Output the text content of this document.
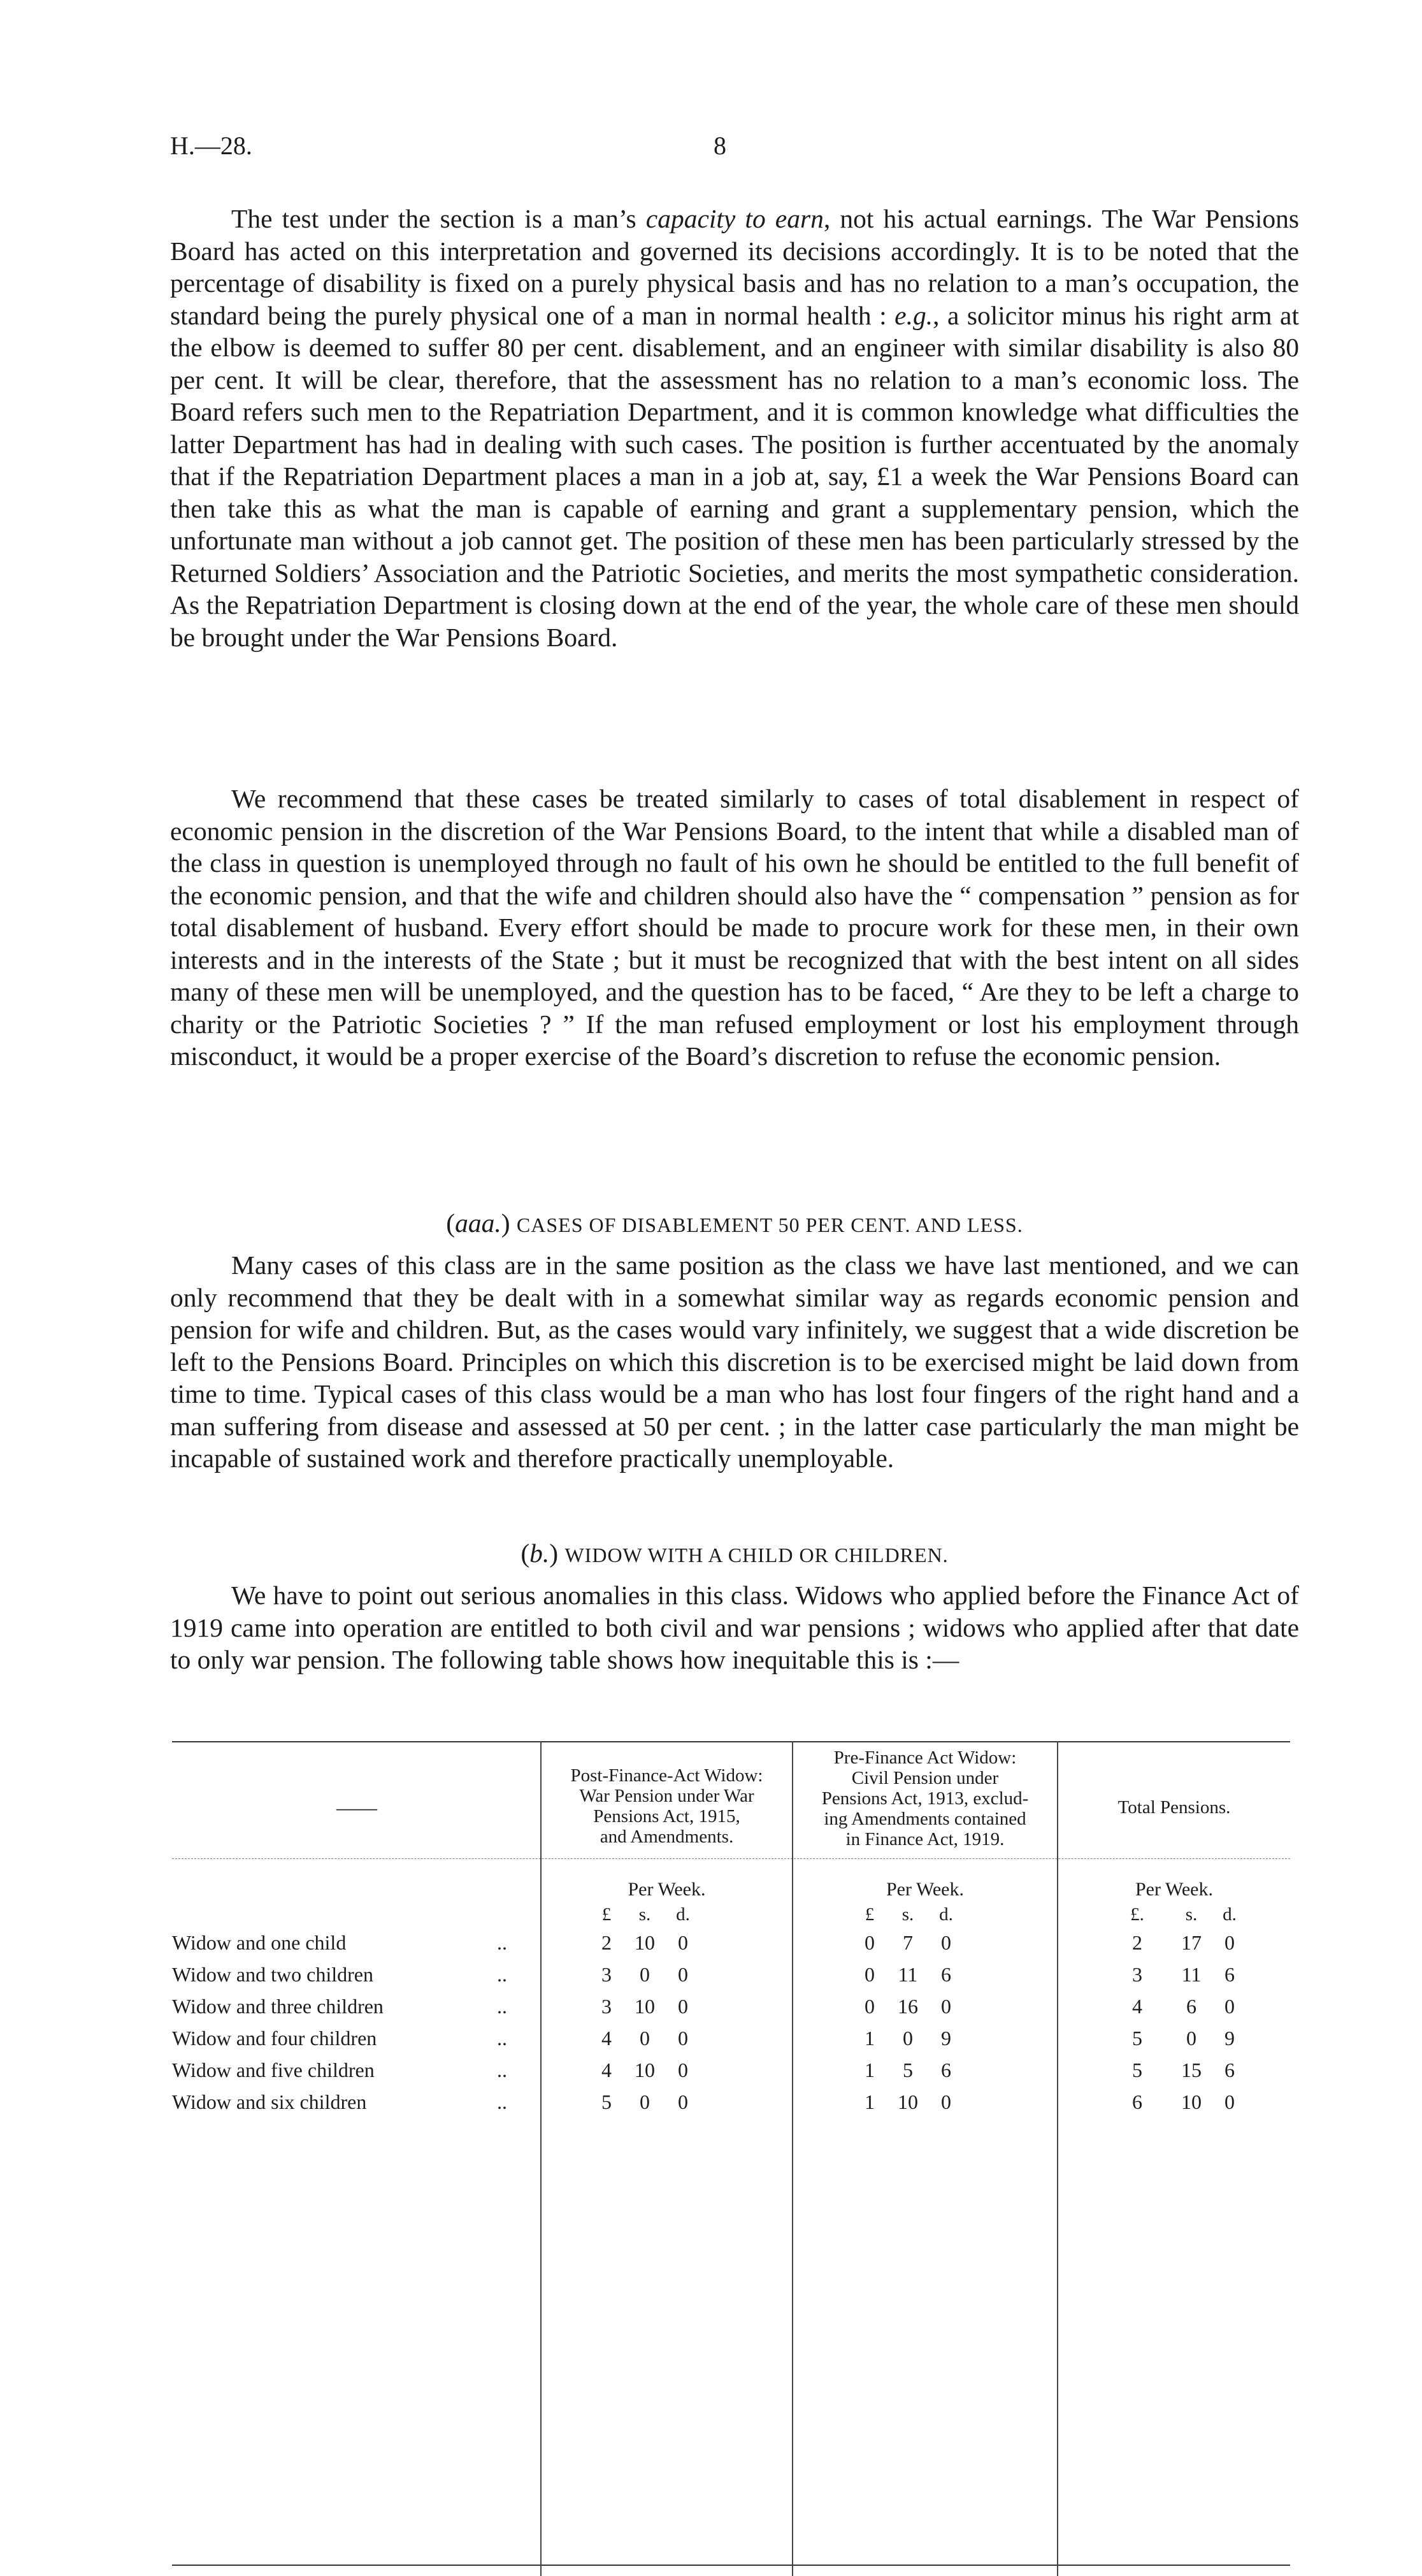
H.—28.	8

The test under the section is a man’s capacity to earn, not his actual earnings. The War Pensions Board has acted on this interpretation and governed its decisions accordingly. It is to be noted that the percentage of disability is fixed on a purely physical basis and has no relation to a man’s occupation, the standard being the purely physical one of a man in normal health : e.g., a solicitor minus his right arm at the elbow is deemed to suffer 80 per cent. disablement, and an engineer with similar disability is also 80 per cent. It will be clear, therefore, that the assessment has no relation to a man’s economic loss. The Board refers such men to the Repatriation Department, and it is common knowledge what difficulties the latter Department has had in dealing with such cases. The position is further accentuated by the anomaly that if the Repatriation Department places a man in a job at, say, £1 a week the War Pensions Board can then take this as what the man is capable of earning and grant a supplementary pension, which the unfortunate man without a job cannot get. The position of these men has been particularly stressed by the Returned Soldiers’ Association and the Patriotic Societies, and merits the most sympathetic consideration. As the Repatriation Department is closing down at the end of the year, the whole care of these men should be brought under the War Pensions Board.

We recommend that these cases be treated similarly to cases of total disablement in respect of economic pension in the discretion of the War Pensions Board, to the intent that while a disabled man of the class in question is unemployed through no fault of his own he should be entitled to the full benefit of the economic pension, and that the wife and children should also have the “ compensation ” pension as for total disablement of husband. Every effort should be made to procure work for these men, in their own interests and in the interests of the State ; but it must be recognized that with the best intent on all sides many of these men will be unemployed, and the question has to be faced, “ Are they to be left a charge to charity or the Patriotic Societies ? ” If the man refused employment or lost his employment through misconduct, it would be a proper exercise of the Board’s discretion to refuse the economic pension.

(aaa.) CASES OF DISABLEMENT 50 PER CENT. AND LESS.

Many cases of this class are in the same position as the class we have last mentioned, and we can only recommend that they be dealt with in a somewhat similar way as regards economic pension and pension for wife and children. But, as the cases would vary infinitely, we suggest that a wide discretion be left to the Pensions Board. Principles on which this discretion is to be exercised might be laid down from time to time. Typical cases of this class would be a man who has lost four fingers of the right hand and a man suffering from disease and assessed at 50 per cent. ; in the latter case particularly the man might be incapable of sustained work and therefore practically unemployable.

(b.) WIDOW WITH A CHILD OR CHILDREN.

We have to point out serious anomalies in this class. Widows who applied before the Finance Act of 1919 came into operation are entitled to both civil and war pensions ; widows who applied after that date to only war pension. The following table shows how inequitable this is :—

——
Post-Finance-Act Widow:
War Pension under War
Pensions Act, 1915,
and Amendments.
Pre-Finance Act Widow:
Civil Pension under
Pensions Act, 1913, exclud-
ing Amendments contained
in Finance Act, 1919.
Total Pensions.
Per Week.	Per Week.	Per Week.
£	s.	d.	£	s.	d.	£.	s.	d.
Widow and one child	..	2	10	0	0	7	0	2	17	0
Widow and two children	..	3	0	0	0	11	6	3	11	6
Widow and three children	..	3	10	0	0	16	0	4	6	0
Widow and four children	..	4	0	0	1	0	9	5	0	9
Widow and five children	..	4	10	0	1	5	6	5	15	6
Widow and six children	..	5	0	0	1	10	0	6	10	0
